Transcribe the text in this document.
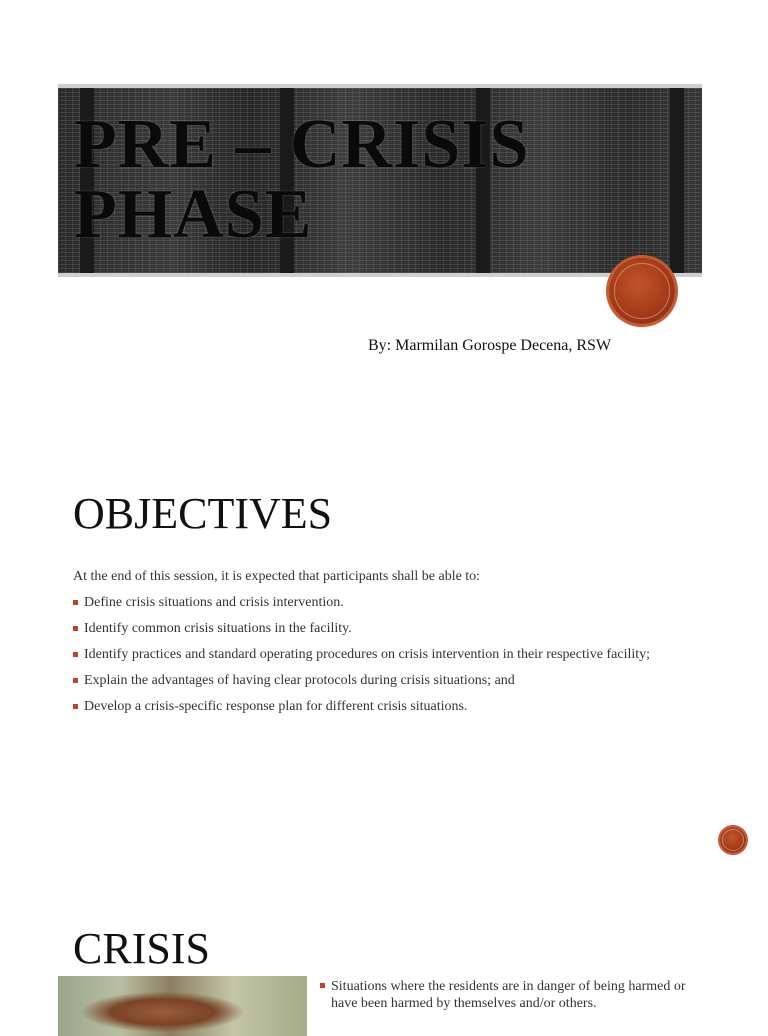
PRE – CRISIS
PHASE
By: Marmilan Gorospe Decena, RSW
OBJECTIVES

At the end of this session, it is expected that participants shall be able to:

Define crisis situations and crisis intervention.
Identify common crisis situations in the facility.
Identify practices and standard operating procedures on crisis intervention in their respective facility;
Explain the advantages of having clear protocols during crisis situations; and
Develop a crisis-specific response plan for different crisis situations.
CRISIS
Situations where the residents are in danger of being harmed or have been harmed by themselves and/or others.
